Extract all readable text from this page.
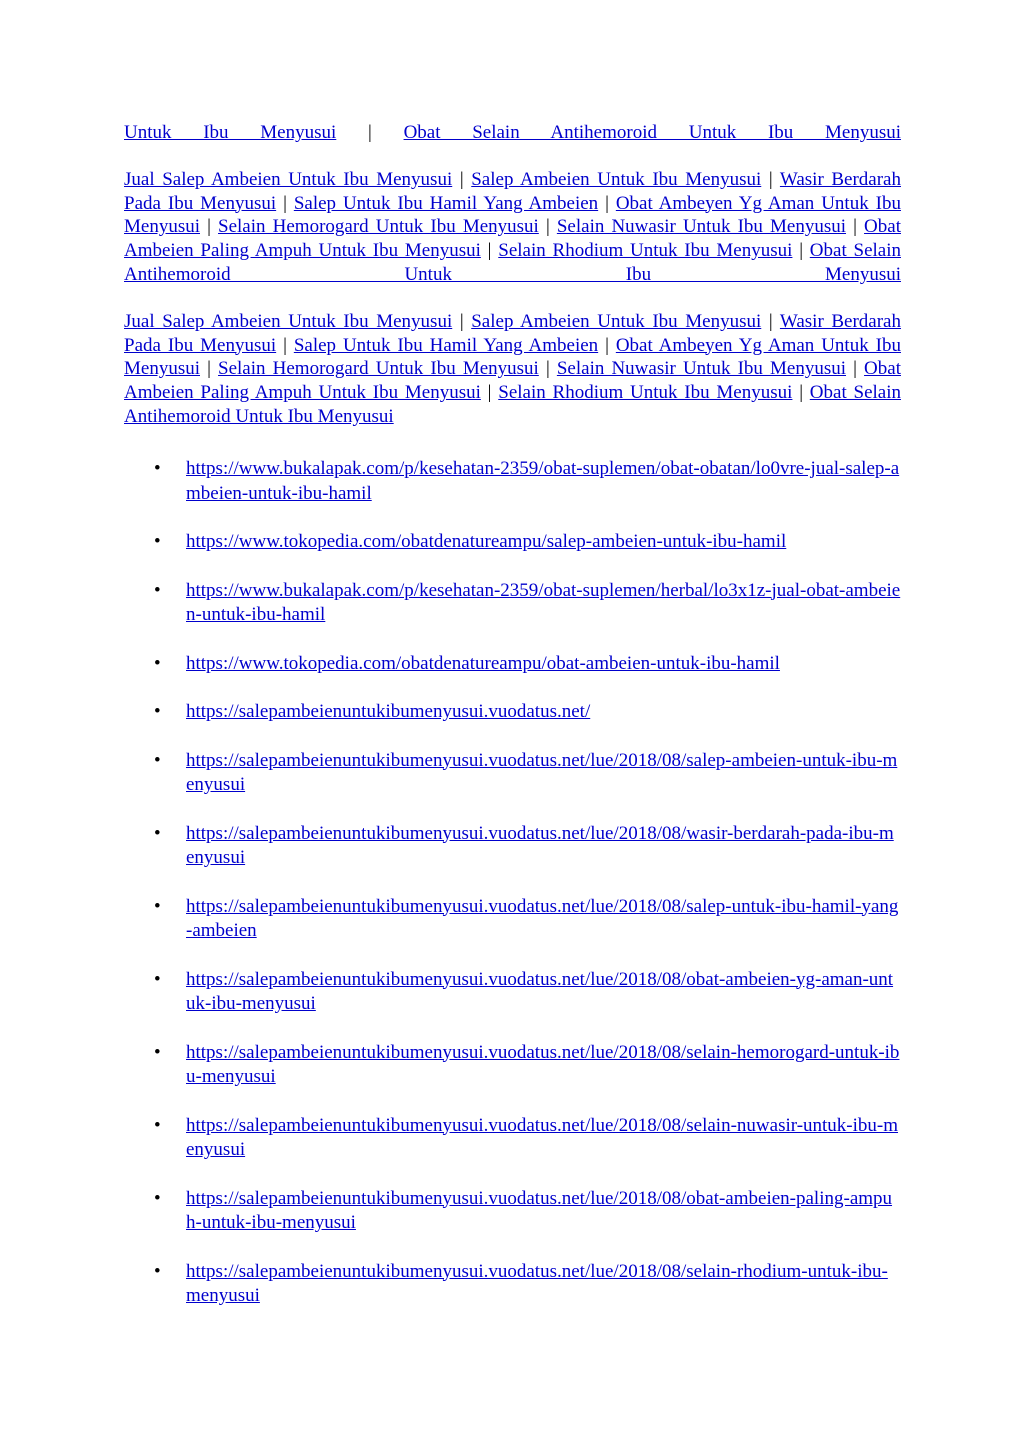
Untuk Ibu Menyusui | Obat Selain Antihemoroid Untuk Ibu Menyusui

Jual Salep Ambeien Untuk Ibu Menyusui | Salep Ambeien Untuk Ibu Menyusui | Wasir Berdarah Pada Ibu Menyusui | Salep Untuk Ibu Hamil Yang Ambeien | Obat Ambeyen Yg Aman Untuk Ibu Menyusui | Selain Hemorogard Untuk Ibu Menyusui | Selain Nuwasir Untuk Ibu Menyusui | Obat Ambeien Paling Ampuh Untuk Ibu Menyusui | Selain Rhodium Untuk Ibu Menyusui | Obat Selain Antihemoroid Untuk Ibu Menyusui

Jual Salep Ambeien Untuk Ibu Menyusui | Salep Ambeien Untuk Ibu Menyusui | Wasir Berdarah Pada Ibu Menyusui | Salep Untuk Ibu Hamil Yang Ambeien | Obat Ambeyen Yg Aman Untuk Ibu Menyusui | Selain Hemorogard Untuk Ibu Menyusui | Selain Nuwasir Untuk Ibu Menyusui | Obat Ambeien Paling Ampuh Untuk Ibu Menyusui | Selain Rhodium Untuk Ibu Menyusui | Obat Selain Antihemoroid Untuk Ibu Menyusui

• https://www.bukalapak.com/p/kesehatan-2359/obat-suplemen/obat-obatan/lo0vre-jual-salep-ambeien-untuk-ibu-hamil
• https://www.tokopedia.com/obatdenatureampu/salep-ambeien-untuk-ibu-hamil
• https://www.bukalapak.com/p/kesehatan-2359/obat-suplemen/herbal/lo3x1z-jual-obat-ambeien-untuk-ibu-hamil
• https://www.tokopedia.com/obatdenatureampu/obat-ambeien-untuk-ibu-hamil
• https://salepambeienuntukibumenyusui.vuodatus.net/
• https://salepambeienuntukibumenyusui.vuodatus.net/lue/2018/08/salep-ambeien-untuk-ibu-menyusui
• https://salepambeienuntukibumenyusui.vuodatus.net/lue/2018/08/wasir-berdarah-pada-ibu-menyusui
• https://salepambeienuntukibumenyusui.vuodatus.net/lue/2018/08/salep-untuk-ibu-hamil-yang-ambeien
• https://salepambeienuntukibumenyusui.vuodatus.net/lue/2018/08/obat-ambeien-yg-aman-untuk-ibu-menyusui
• https://salepambeienuntukibumenyusui.vuodatus.net/lue/2018/08/selain-hemorogard-untuk-ibu-menyusui
• https://salepambeienuntukibumenyusui.vuodatus.net/lue/2018/08/selain-nuwasir-untuk-ibu-menyusui
• https://salepambeienuntukibumenyusui.vuodatus.net/lue/2018/08/obat-ambeien-paling-ampuh-untuk-ibu-menyusui
• https://salepambeienuntukibumenyusui.vuodatus.net/lue/2018/08/selain-rhodium-untuk-ibu-menyusui
